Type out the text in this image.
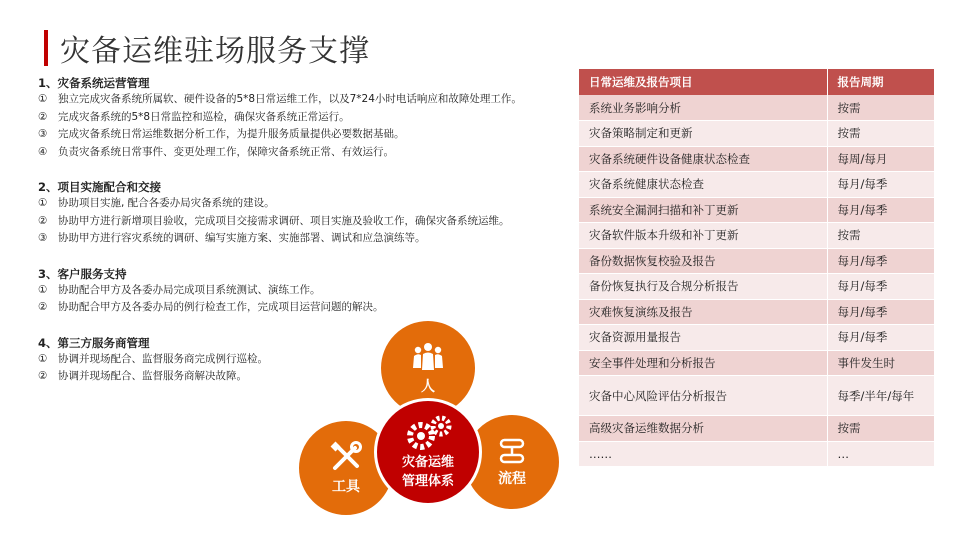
灾备运维驻场服务支撑
1、灾备系统运营管理
①	独立完成灾备系统所属软、硬件设备的5*8日常运维工作，以及7*24小时电话响应和故障处理工作。
②	完成灾备系统的5*8日常监控和巡检，确保灾备系统正常运行。
③	完成灾备系统日常运维数据分析工作，为提升服务质量提供必要数据基础。
④	负责灾备系统日常事件、变更处理工作，保障灾备系统正常、有效运行。
2、项目实施配合和交接
①	协助项目实施, 配合各委办局灾备系统的建设。
②	协助甲方进行新增项目验收，完成项目交接需求调研、项目实施及验收工作，确保灾备系统运维。
③	协助甲方进行容灾系统的调研、编写实施方案、实施部署、调试和应急演练等。
3、客户服务支持
①	协助配合甲方及各委办局完成项目系统测试、演练工作。
②	协助配合甲方及各委办局的例行检查工作，完成项目运营问题的解决。
4、第三方服务商管理
①	协调并现场配合、监督服务商完成例行巡检。
②	协调并现场配合、监督服务商解决故障。
人
工具	流程
灾备运维
管理体系
日常运维及报告项目	报告周期
系统业务影响分析	按需
灾备策略制定和更新	按需
灾备系统硬件设备健康状态检查	每周/每月
灾备系统健康状态检查	每月/每季
系统安全漏洞扫描和补丁更新	每月/每季
灾备软件版本升级和补丁更新	按需
备份数据恢复校验及报告	每月/每季
备份恢复执行及合规分析报告	每月/每季
灾难恢复演练及报告	每月/每季
灾备资源用量报告	每月/每季
安全事件处理和分析报告	事件发生时
灾备中心风险评估分析报告	每季/半年/每年
高级灾备运维数据分析	按需
……	…
